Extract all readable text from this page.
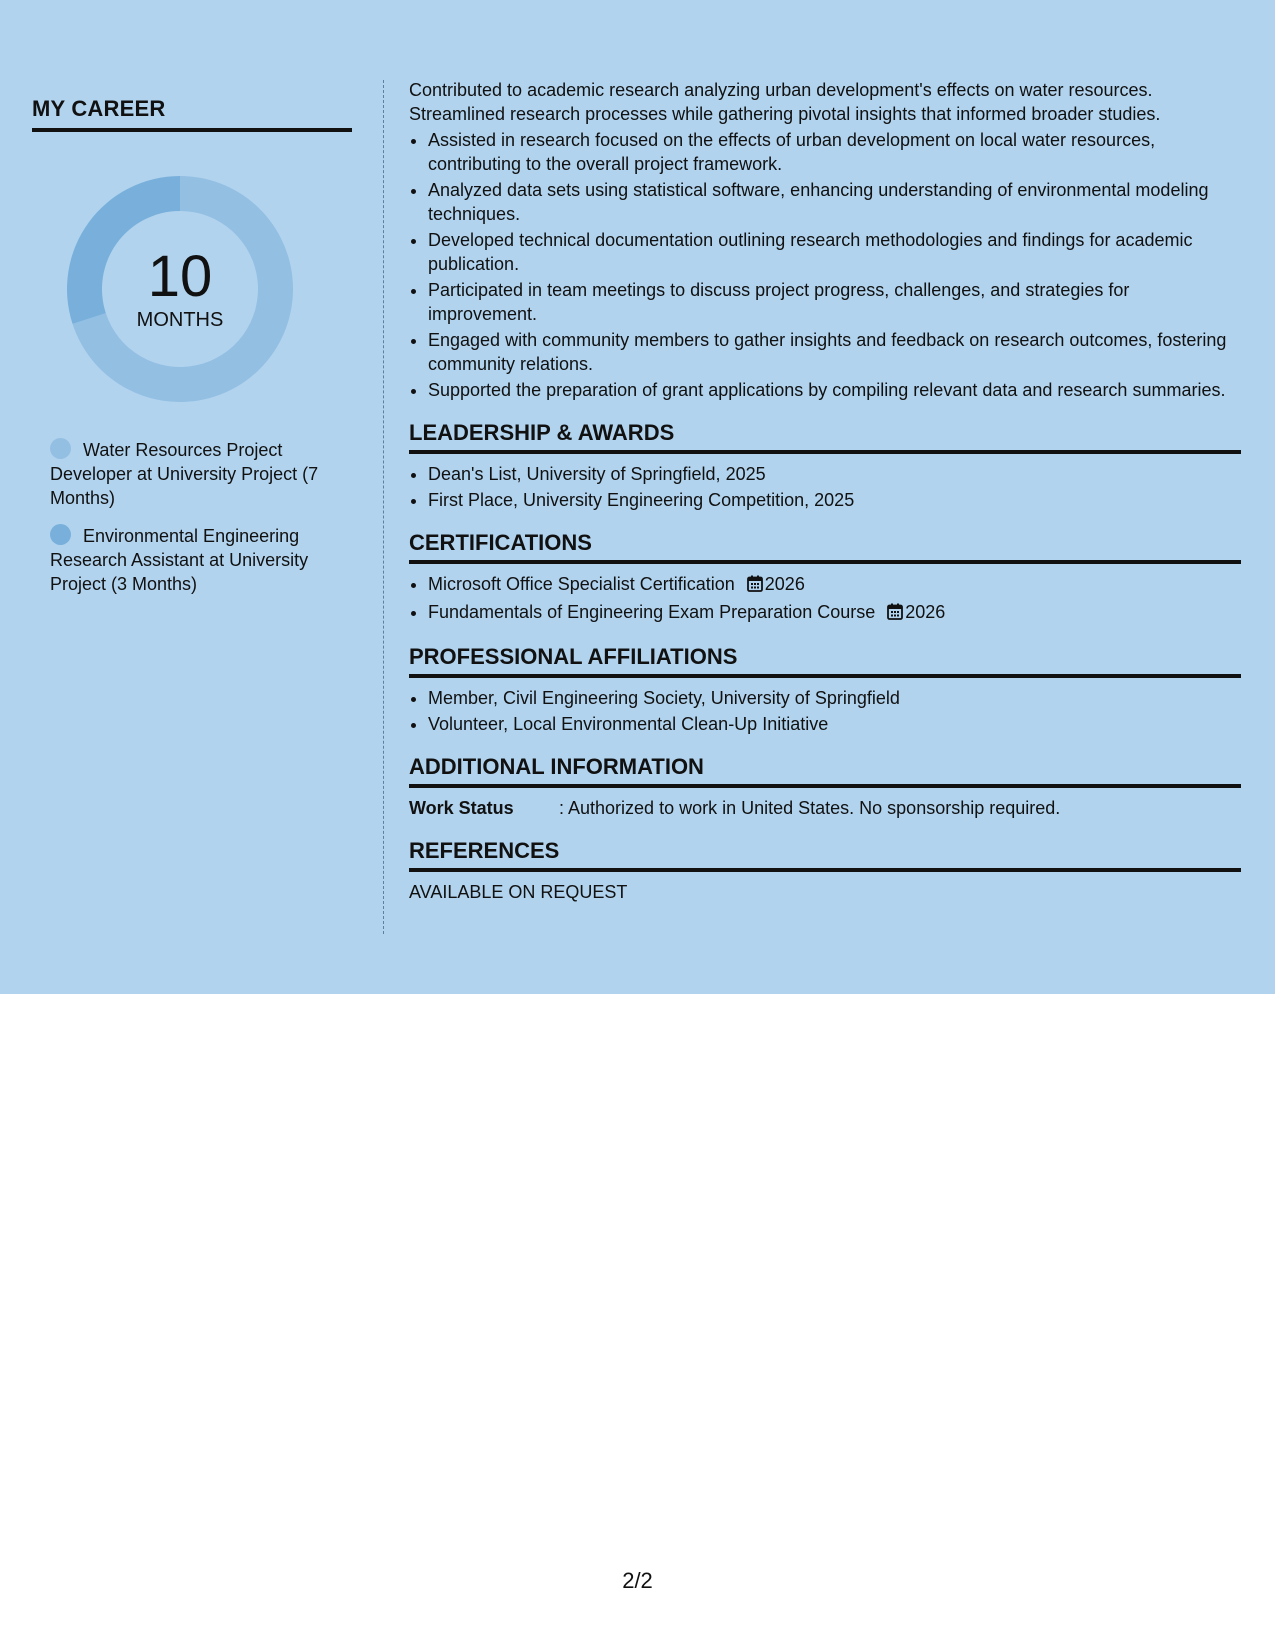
MY CAREER
10
MONTHS
Water Resources Project Developer at University Project (7 Months)
Environmental Engineering Research Assistant at University Project (3 Months)

Contributed to academic research analyzing urban development's effects on water resources. Streamlined research processes while gathering pivotal insights that informed broader studies.

• Assisted in research focused on the effects of urban development on local water resources, contributing to the overall project framework.
• Analyzed data sets using statistical software, enhancing understanding of environmental modeling techniques.
• Developed technical documentation outlining research methodologies and findings for academic publication.
• Participated in team meetings to discuss project progress, challenges, and strategies for improvement.
• Engaged with community members to gather insights and feedback on research outcomes, fostering community relations.
• Supported the preparation of grant applications by compiling relevant data and research summaries.
LEADERSHIP & AWARDS
• Dean's List, University of Springfield, 2025
• First Place, University Engineering Competition, 2025
CERTIFICATIONS
• Microsoft Office Specialist Certification 2026
• Fundamentals of Engineering Exam Preparation Course 2026
PROFESSIONAL AFFILIATIONS
• Member, Civil Engineering Society, University of Springfield
• Volunteer, Local Environmental Clean-Up Initiative
ADDITIONAL INFORMATION
Work Status	: Authorized to work in United States. No sponsorship required.
REFERENCES

AVAILABLE ON REQUEST

2/2
